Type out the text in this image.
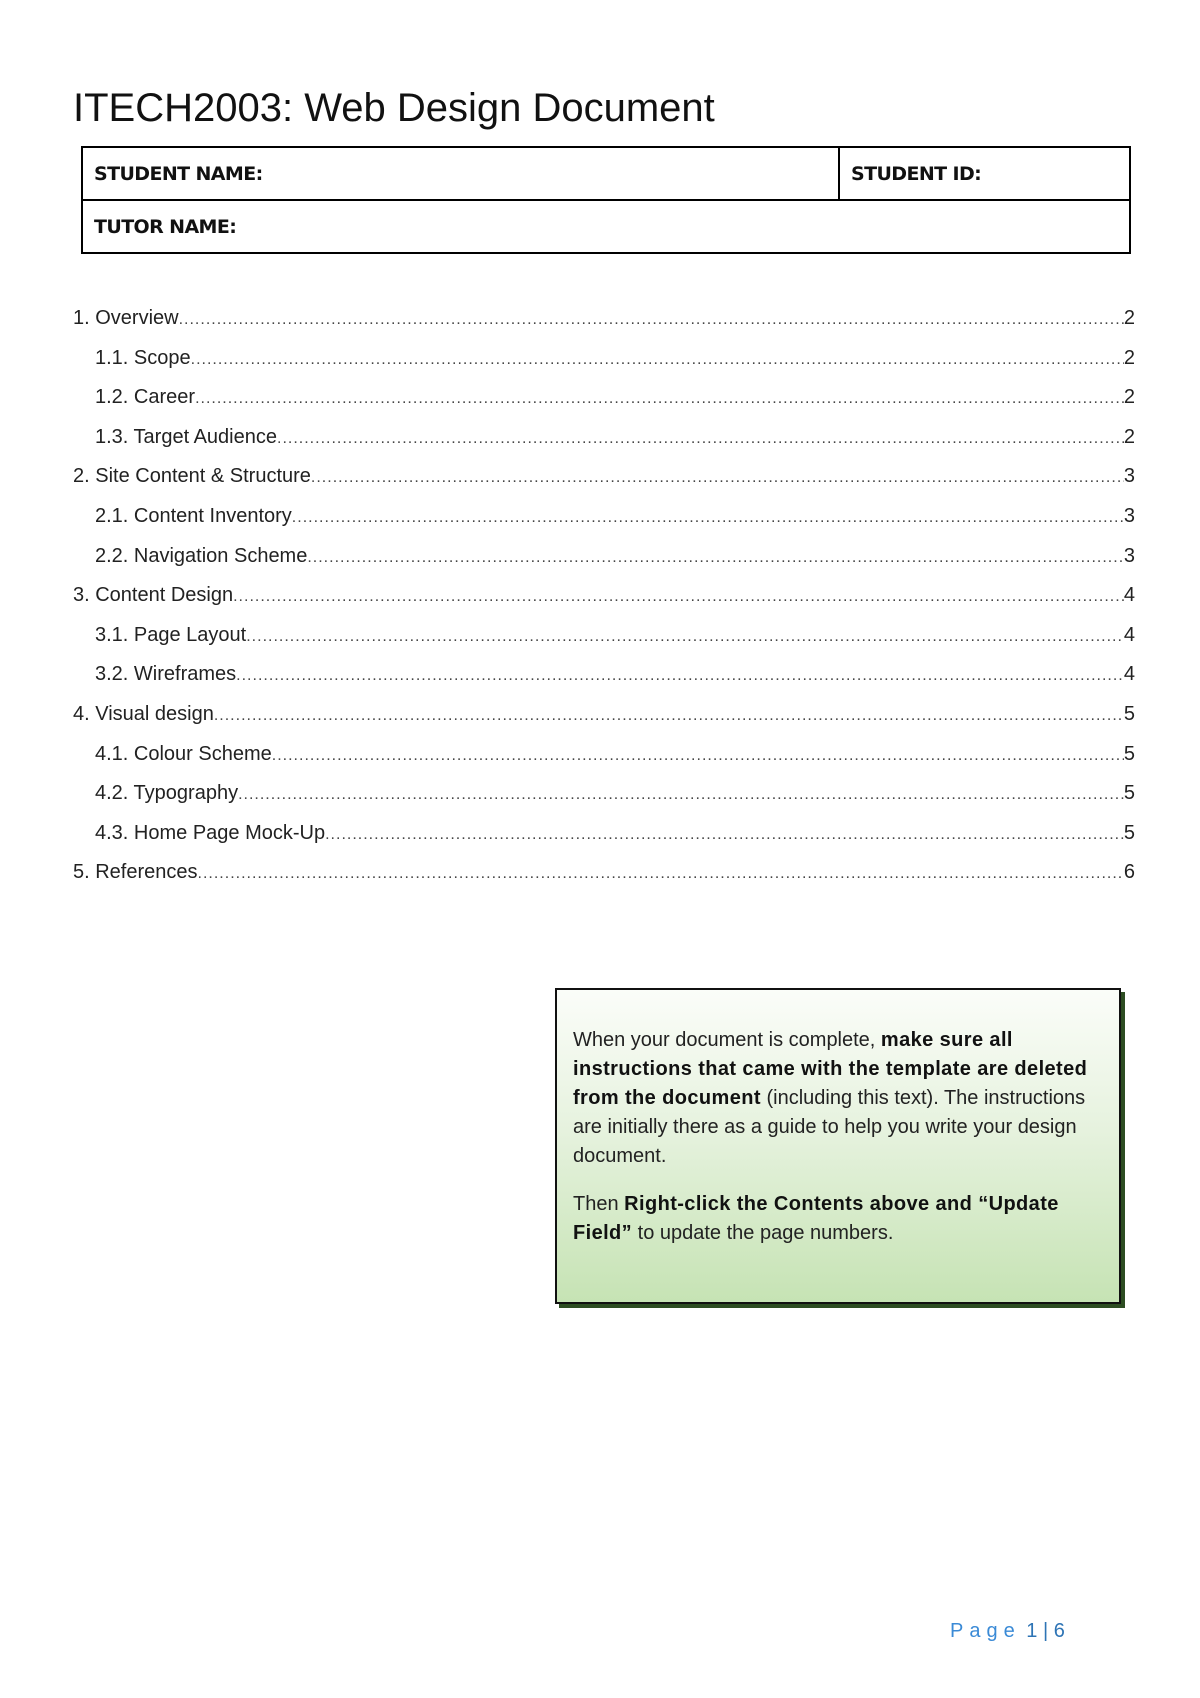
ITECH2003: Web Design Document
STUDENT NAME:	STUDENT ID:
TUTOR NAME:
1. Overview .....	2
1.1. Scope .....	2
1.2. Career .....	2
1.3. Target Audience .....	2
2. Site Content & Structure .....	3
2.1. Content Inventory .....	3
2.2. Navigation Scheme .....	3
3. Content Design .....	4
3.1. Page Layout .....	4
3.2. Wireframes .....	4
4. Visual design .....	5
4.1. Colour Scheme .....	5
4.2. Typography .....	5
4.3. Home Page Mock-Up .....	5
5. References .....	6

When your document is complete, make sure all instructions that came with the template are deleted from the document (including this text). The instructions are initially there as a guide to help you write your design document.

Then Right-click the Contents above and “Update Field” to update the page numbers.

Page 1 | 6
